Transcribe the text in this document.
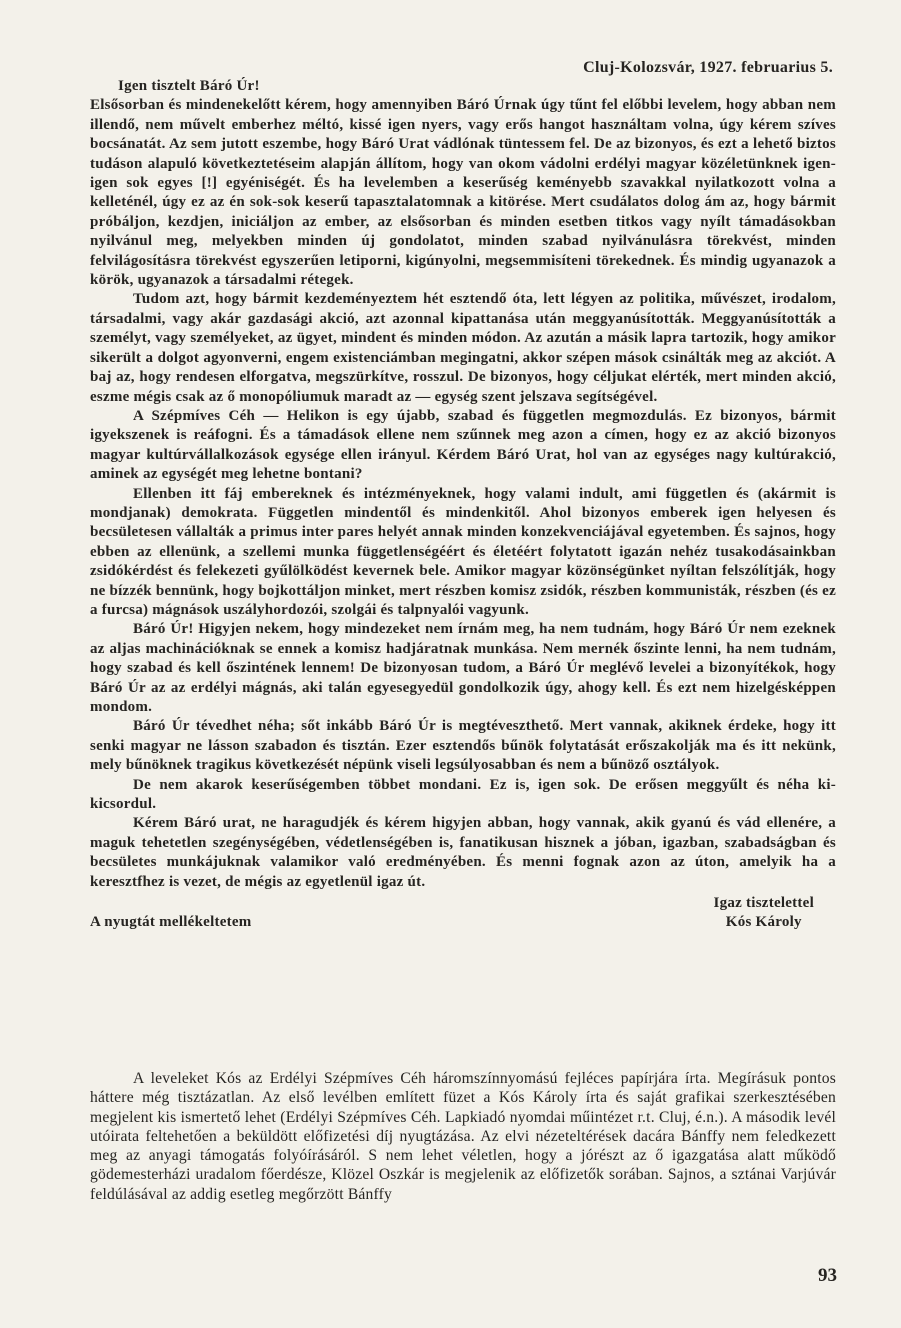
Cluj-Kolozsvár, 1927. februarius 5.

Igen tisztelt Báró Úr!

Elsősorban és mindenekelőtt kérem, hogy amennyiben Báró Úrnak úgy tűnt fel előbbi levelem, hogy abban nem illendő, nem művelt emberhez méltó, kissé igen nyers, vagy erős hangot használtam volna, úgy kérem szíves bocsánatát. Az sem jutott eszembe, hogy Báró Urat vádlónak tüntessem fel. De az bizonyos, és ezt a lehető biztos tudáson alapuló következtetéseim alapján állítom, hogy van okom vádolni erdélyi magyar közéletünknek igen-igen sok egyes [!] egyéniségét. És ha levelemben a keserűség keményebb szavakkal nyilatkozott volna a kelleténél, úgy ez az én sok-sok keserű tapasztalatomnak a kitörése. Mert csudálatos dolog ám az, hogy bármit próbáljon, kezdjen, iniciáljon az ember, az elsősorban és minden esetben titkos vagy nyílt támadásokban nyilvánul meg, melyekben minden új gondolatot, minden szabad nyilvánulásra törekvést, minden felvilágosításra törekvést egyszerűen letiporni, kigúnyolni, megsemmisíteni törekednek. És mindig ugyanazok a körök, ugyanazok a társadalmi rétegek.

Tudom azt, hogy bármit kezdeményeztem hét esztendő óta, lett légyen az politika, művészet, irodalom, társadalmi, vagy akár gazdasági akció, azt azonnal kipattanása után meggyanúsították. Meggyanúsították a személyt, vagy személyeket, az ügyet, mindent és minden módon. Az azután a másik lapra tartozik, hogy amikor sikerült a dolgot agyonverni, engem existenciámban megingatni, akkor szépen mások csinálták meg az akciót. A baj az, hogy rendesen elforgatva, megszürkítve, rosszul. De bizonyos, hogy céljukat elérték, mert minden akció, eszme mégis csak az ő monopóliumuk maradt az — egység szent jelszava segítségével.

A Szépmíves Céh — Helikon is egy újabb, szabad és független megmozdulás. Ez bizonyos, bármit igyekszenek is reáfogni. És a támadások ellene nem szűnnek meg azon a címen, hogy ez az akció bizonyos magyar kultúrvállalkozások egysége ellen irányul. Kérdem Báró Urat, hol van az egységes nagy kultúrakció, aminek az egységét meg lehetne bontani?

Ellenben itt fáj embereknek és intézményeknek, hogy valami indult, ami független és (akármit is mondjanak) demokrata. Független mindentől és mindenkitől. Ahol bizonyos emberek igen helyesen és becsületesen vállalták a primus inter pares helyét annak minden konzekvenciájával egyetemben. És sajnos, hogy ebben az ellenünk, a szellemi munka függetlenségéért és életéért folytatott igazán nehéz tusakodásainkban zsidókérdést és felekezeti gyűlölködést kevernek bele. Amikor magyar közönségünket nyíltan felszólítják, hogy ne bízzék bennünk, hogy bojkottáljon minket, mert részben komisz zsidók, részben kommunisták, részben (és ez a furcsa) mágnások uszályhordozói, szolgái és talpnyalói vagyunk.

Báró Úr! Higyjen nekem, hogy mindezeket nem írnám meg, ha nem tudnám, hogy Báró Úr nem ezeknek az aljas machinációknak se ennek a komisz hadjáratnak munkása. Nem mernék őszinte lenni, ha nem tudnám, hogy szabad és kell őszintének lennem! De bizonyosan tudom, a Báró Úr meglévő levelei a bizonyítékok, hogy Báró Úr az az erdélyi mágnás, aki talán egyesegyedül gondolkozik úgy, ahogy kell. És ezt nem hizelgésképpen mondom.

Báró Úr tévedhet néha; sőt inkább Báró Úr is megtéveszthető. Mert vannak, akiknek érdeke, hogy itt senki magyar ne lásson szabadon és tisztán. Ezer esztendős bűnök folytatását erőszakolják ma és itt nekünk, mely bűnöknek tragikus következését népünk viseli legsúlyosabban és nem a bűnöző osztályok.

De nem akarok keserűségemben többet mondani. Ez is, igen sok. De erősen meggyűlt és néha ki-kicsordul.

Kérem Báró urat, ne haragudjék és kérem higyjen abban, hogy vannak, akik gyanú és vád ellenére, a maguk tehetetlen szegénységében, védetlenségében is, fanatikusan hisznek a jóban, igazban, szabadságban és becsületes munkájuknak valamikor való eredményében. És menni fognak azon az úton, amelyik ha a keresztfhez is vezet, de mégis az egyetlenül igaz út.

A nyugtát mellékeltetem
Igaz tisztelettel
Kós Károly

A leveleket Kós az Erdélyi Szépmíves Céh háromszínnyomású fejléces papírjára írta. Megírásuk pontos háttere még tisztázatlan. Az első levélben említett füzet a Kós Károly írta és saját grafikai szerkesztésében megjelent kis ismertető lehet (Erdélyi Szépmíves Céh. Lapkiadó nyomdai műintézet r.t. Cluj, é.n.). A második levél utóirata feltehetően a beküldött előfizetési díj nyugtázása. Az elvi nézeteltérések dacára Bánffy nem feledkezett meg az anyagi támogatás folyóírásáról. S nem lehet véletlen, hogy a jórészt az ő igazgatása alatt működő gödemesterházi uradalom főerdésze, Klözel Oszkár is megjelenik az előfizetők sorában. Sajnos, a sztánai Varjúvár feldúlásával az addig esetleg megőrzött Bánffy

93
